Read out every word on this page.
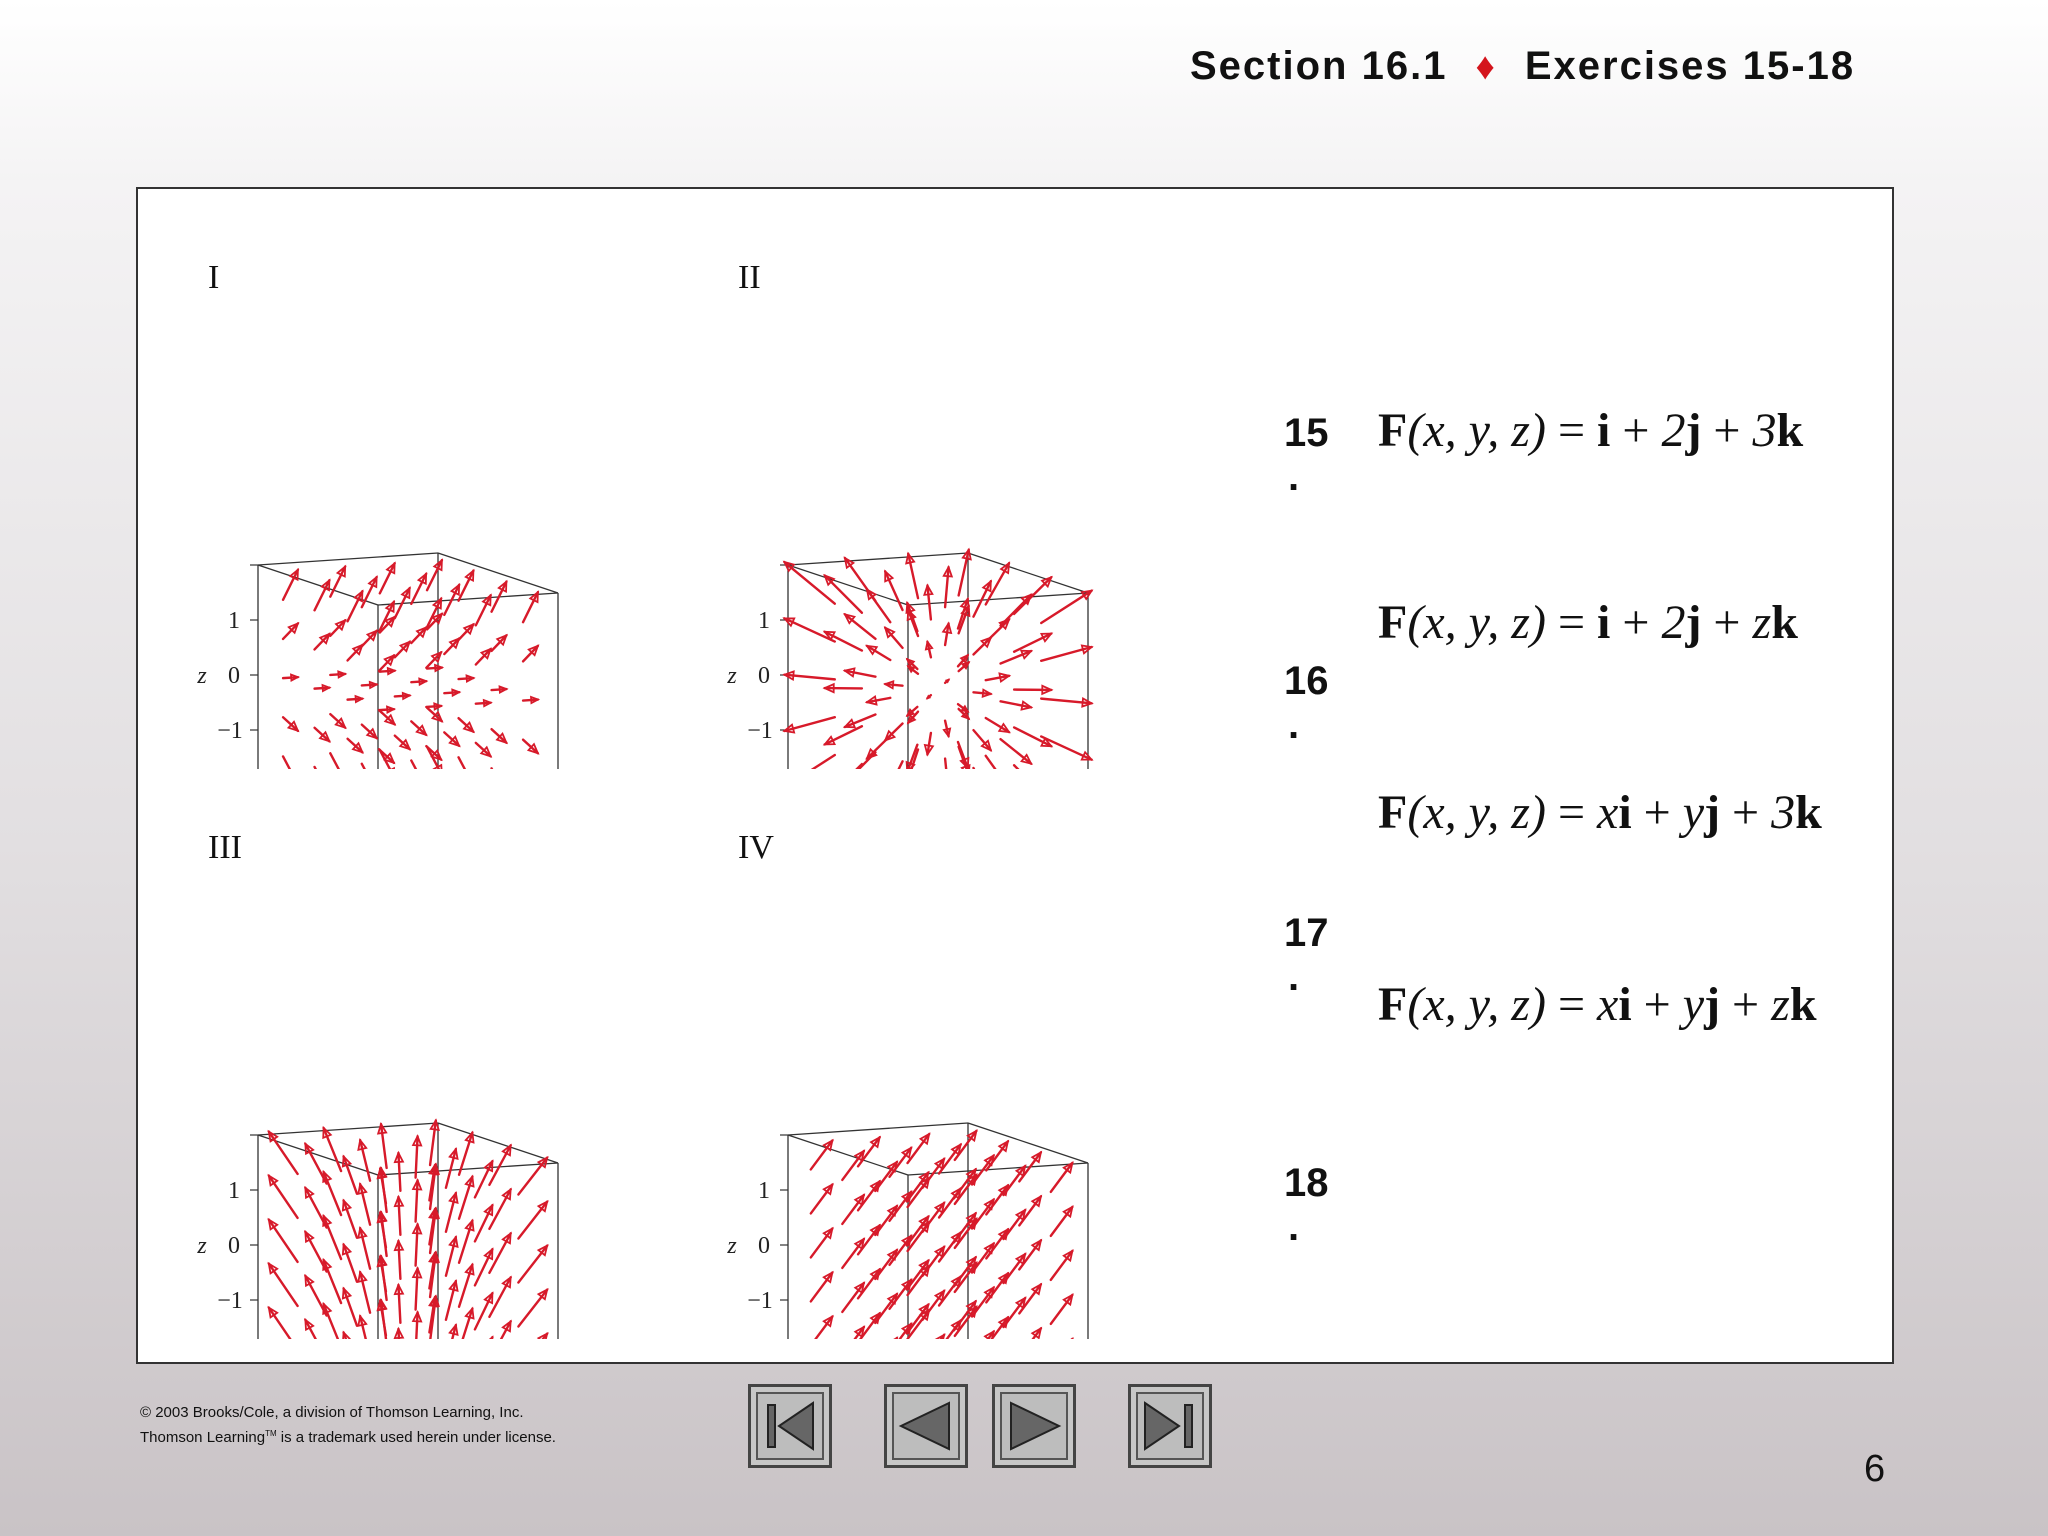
Section 16.1 ♦ Exercises 15-18
I	II
III	IV
1
0
−1
z
1
0
−1
z
1
0
−1
z
1
0
−1
z
15
.
16
.
17
.
18
.
F(x, y, z) = i + 2j + 3k
F(x, y, z) = i + 2j + zk
F(x, y, z) = xi + yj + 3k
F(x, y, z) = xi + yj + zk
© 2003 Brooks/Cole, a division of Thomson Learning, Inc.
Thomson Learning™ is a trademark used herein under license.
6
